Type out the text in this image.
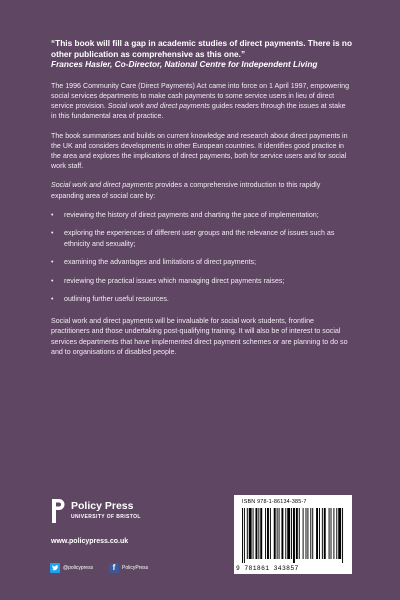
“This book will fill a gap in academic studies of direct payments. There is no other publication as comprehensive as this one.”

Frances Hasler, Co-Director, National Centre for Independent Living

The 1996 Community Care (Direct Payments) Act came into force on 1 April 1997, empowering social services departments to make cash payments to some service users in lieu of direct service provision. Social work and direct payments guides readers through the issues at stake in this fundamental area of practice.

The book summarises and builds on current knowledge and research about direct payments in the UK and considers developments in other European countries. It identifies good practice in the area and explores the implications of direct payments, both for service users and for social work staff.

Social work and direct payments provides a comprehensive introduction to this rapidly expanding area of social care by:

• reviewing the history of direct payments and charting the pace of implementation;
• exploring the experiences of different user groups and the relevance of issues such as ethnicity and sexuality;
• examining the advantages and limitations of direct payments;
• reviewing the practical issues which managing direct payments raises;
• outlining further useful resources.

Social work and direct payments will be invaluable for social work students, frontline practitioners and those undertaking post-qualifying training. It will also be of interest to social services departments that have implemented direct payment schemes or are planning to do so and to organisations of disabled people.

Policy Press
UNIVERSITY OF BRISTOL
www.policypress.co.uk
@policypress	f	PolicyPress
ISBN 978-1-86134-385-7
9 781861 343857
